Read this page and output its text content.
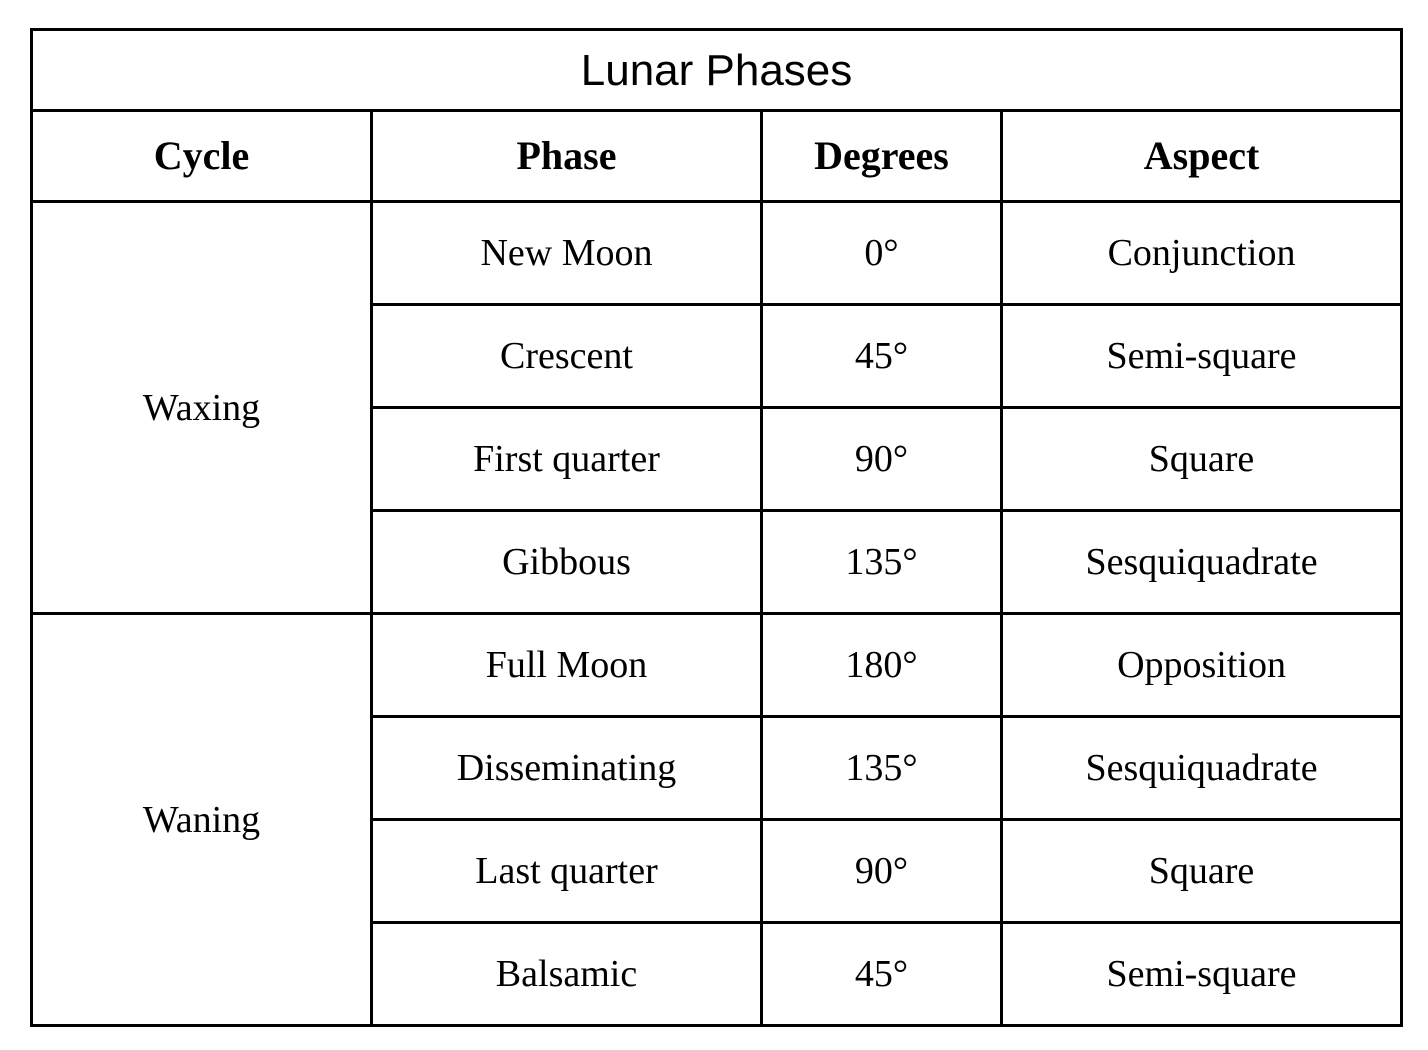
Lunar Phases			
Cycle	Phase	Degrees	Aspect
Waxing	New Moon	0°	Conjunction
	Crescent	45°	Semi-square
	First quarter	90°	Square
	Gibbous	135°	Sesquiquadrate
Waning	Full Moon	180°	Opposition
	Disseminating	135°	Sesquiquadrate
	Last quarter	90°	Square
	Balsamic	45°	Semi-square
